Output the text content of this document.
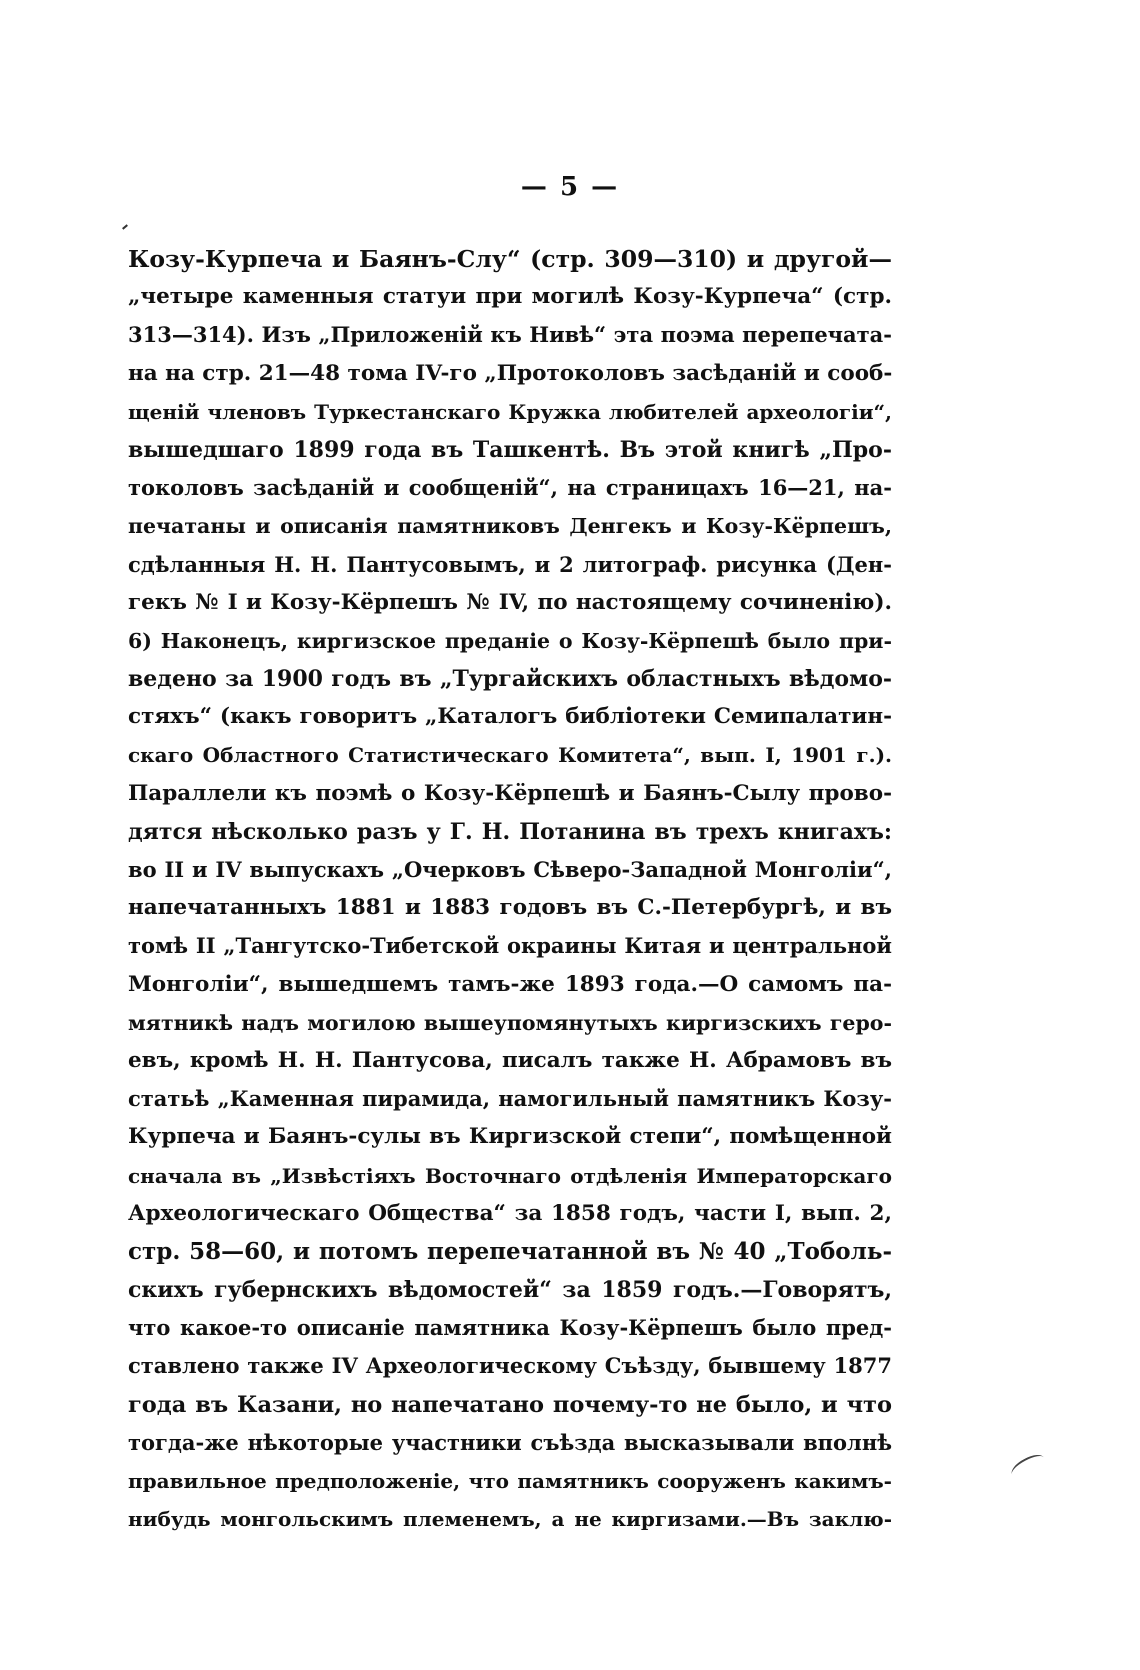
— 5 —
Козу-Курпеча и Баянъ-Слу“ (стр. 309—310) и другой—
„четыре каменныя статуи при могилѣ Козу-Курпеча“ (стр.
313—314). Изъ „Приложеній къ Нивѣ“ эта поэма перепечата-
на на стр. 21—48 тома IV-го „Протоколовъ засѣданій и сооб-
щеній членовъ Туркестанскаго Кружка любителей археологіи“,
вышедшаго 1899 года въ Ташкентѣ. Въ этой книгѣ „Про-
токоловъ засѣданій и сообщеній“, на страницахъ 16—21, на-
печатаны и описанія памятниковъ Денгекъ и Козу-Кёрпешъ,
сдѣланныя Н. Н. Пантусовымъ, и 2 литограф. рисунка (Ден-
гекъ № I и Козу-Кёрпешъ № IV, по настоящему сочиненію).
6) Наконецъ, киргизское преданіе о Козу-Кёрпешѣ было при-
ведено за 1900 годъ въ „Тургайскихъ областныхъ вѣдомо-
стяхъ“ (какъ говоритъ „Каталогъ библіотеки Семипалатин-
скаго Областного Статистическаго Комитета“, вып. I, 1901 г.).
Параллели къ поэмѣ о Козу-Кёрпешѣ и Баянъ-Сылу прово-
дятся нѣсколько разъ у Г. Н. Потанина въ трехъ книгахъ:
во II и IV выпускахъ „Очерковъ Сѣверо-Западной Монголіи“,
напечатанныхъ 1881 и 1883 годовъ въ С.-Петербургѣ, и въ
томѣ II „Тангутско-Тибетской окраины Китая и центральной
Монголіи“, вышедшемъ тамъ-же 1893 года.—О самомъ па-
мятникѣ надъ могилою вышеупомянутыхъ киргизскихъ геро-
евъ, кромѣ Н. Н. Пантусова, писалъ также Н. Абрамовъ въ
статьѣ „Каменная пирамида, намогильный памятникъ Козу-
Курпеча и Баянъ-сулы въ Киргизской степи“, помѣщенной
сначала въ „Извѣстіяхъ Восточнаго отдѣленія Императорскаго
Археологическаго Общества“ за 1858 годъ, части I, вып. 2,
стр. 58—60, и потомъ перепечатанной въ № 40 „Тоболь-
скихъ губернскихъ вѣдомостей“ за 1859 годъ.—Говорятъ,
что какое-то описаніе памятника Козу-Кёрпешъ было пред-
ставлено также IV Археологическому Съѣзду, бывшему 1877
года въ Казани, но напечатано почему-то не было, и что
тогда-же нѣкоторые участники съѣзда высказывали вполнѣ
правильное предположеніе, что памятникъ сооруженъ какимъ-
нибудь монгольскимъ племенемъ, а не киргизами.—Въ заклю-
